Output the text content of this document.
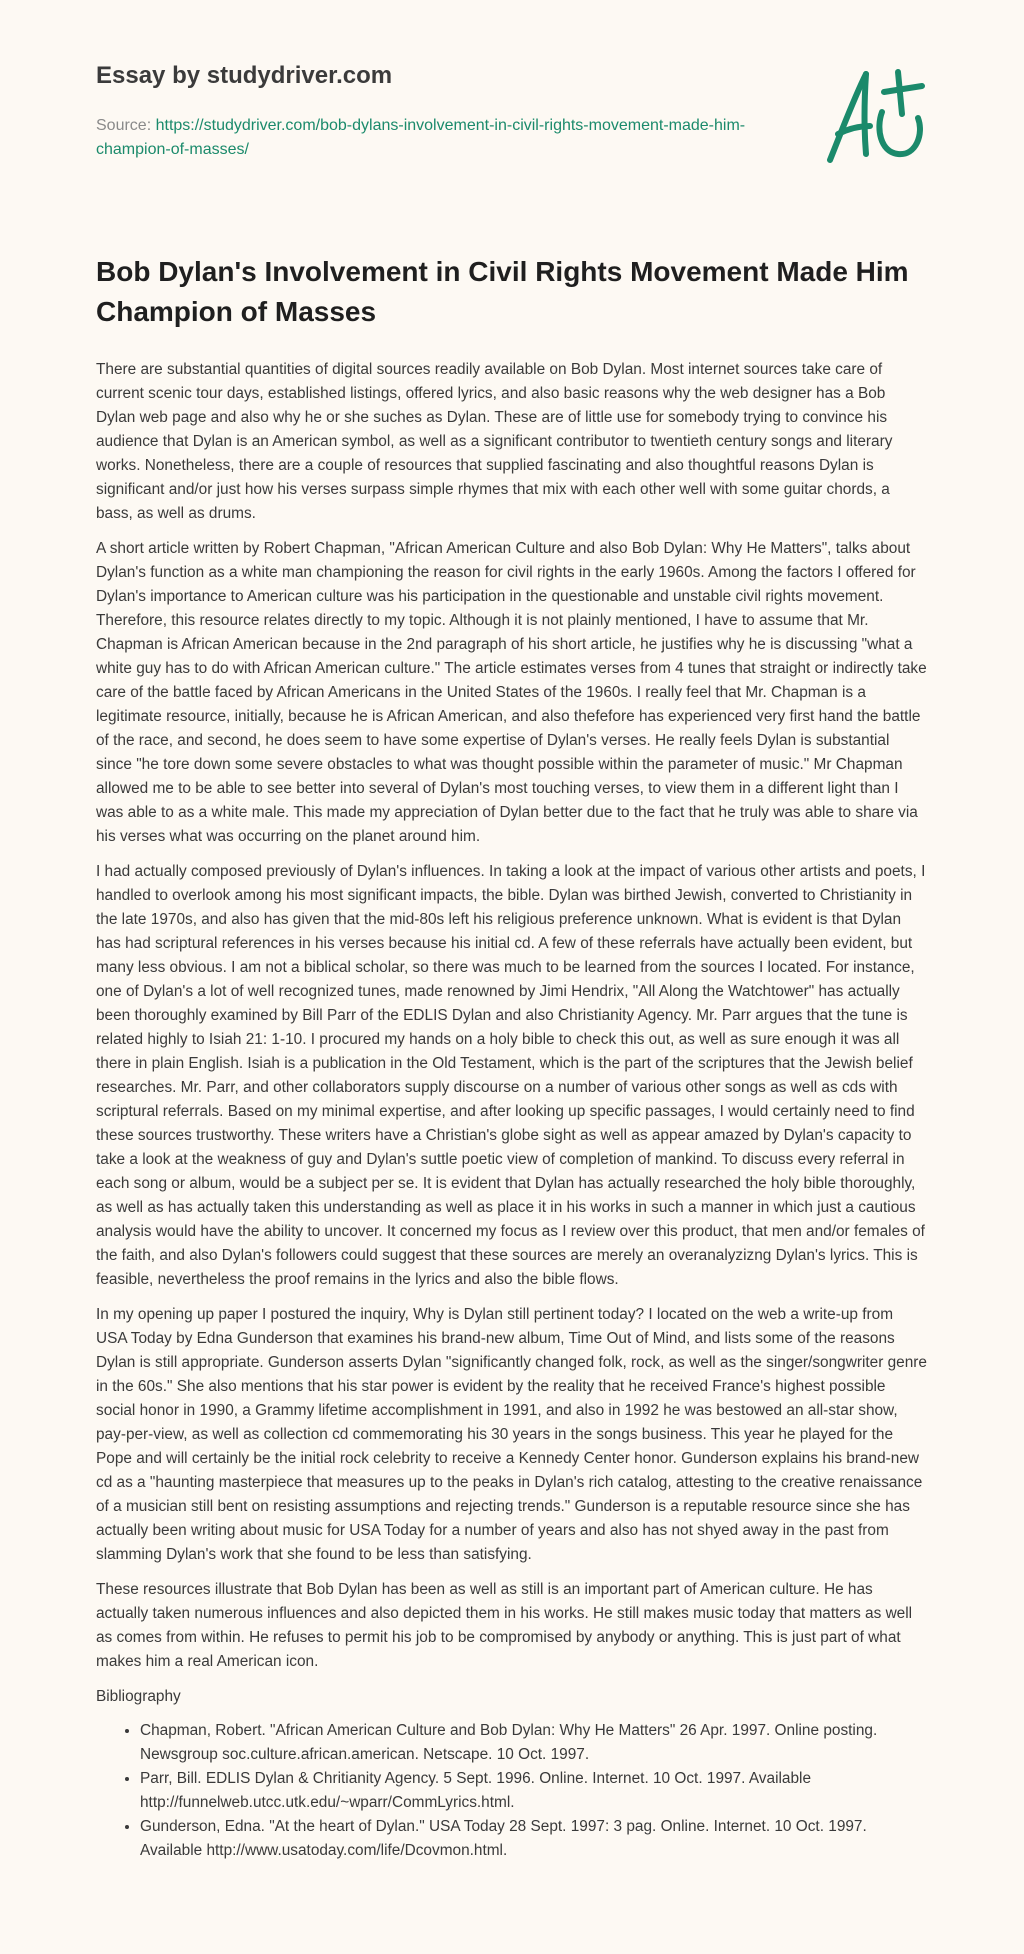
Essay by studydriver.com
Source: https://studydriver.com/bob-dylans-involvement-in-civil-rights-movement-made-him-champion-of-masses/
Bob Dylan's Involvement in Civil Rights Movement Made Him Champion of Masses

There are substantial quantities of digital sources readily available on Bob Dylan. Most internet sources take care of current scenic tour days, established listings, offered lyrics, and also basic reasons why the web designer has a Bob Dylan web page and also why he or she suches as Dylan. These are of little use for somebody trying to convince his audience that Dylan is an American symbol, as well as a significant contributor to twentieth century songs and literary works. Nonetheless, there are a couple of resources that supplied fascinating and also thoughtful reasons Dylan is significant and/or just how his verses surpass simple rhymes that mix with each other well with some guitar chords, a bass, as well as drums.

A short article written by Robert Chapman, "African American Culture and also Bob Dylan: Why He Matters", talks about Dylan's function as a white man championing the reason for civil rights in the early 1960s. Among the factors I offered for Dylan's importance to American culture was his participation in the questionable and unstable civil rights movement. Therefore, this resource relates directly to my topic. Although it is not plainly mentioned, I have to assume that Mr. Chapman is African American because in the 2nd paragraph of his short article, he justifies why he is discussing "what a white guy has to do with African American culture." The article estimates verses from 4 tunes that straight or indirectly take care of the battle faced by African Americans in the United States of the 1960s. I really feel that Mr. Chapman is a legitimate resource, initially, because he is African American, and also thefefore has experienced very first hand the battle of the race, and second, he does seem to have some expertise of Dylan's verses. He really feels Dylan is substantial since "he tore down some severe obstacles to what was thought possible within the parameter of music." Mr Chapman allowed me to be able to see better into several of Dylan's most touching verses, to view them in a different light than I was able to as a white male. This made my appreciation of Dylan better due to the fact that he truly was able to share via his verses what was occurring on the planet around him.

I had actually composed previously of Dylan's influences. In taking a look at the impact of various other artists and poets, I handled to overlook among his most significant impacts, the bible. Dylan was birthed Jewish, converted to Christianity in the late 1970s, and also has given that the mid-80s left his religious preference unknown. What is evident is that Dylan has had scriptural references in his verses because his initial cd. A few of these referrals have actually been evident, but many less obvious. I am not a biblical scholar, so there was much to be learned from the sources I located. For instance, one of Dylan's a lot of well recognized tunes, made renowned by Jimi Hendrix, "All Along the Watchtower" has actually been thoroughly examined by Bill Parr of the EDLIS Dylan and also Christianity Agency. Mr. Parr argues that the tune is related highly to Isiah 21: 1-10. I procured my hands on a holy bible to check this out, as well as sure enough it was all there in plain English. Isiah is a publication in the Old Testament, which is the part of the scriptures that the Jewish belief researches. Mr. Parr, and other collaborators supply discourse on a number of various other songs as well as cds with scriptural referrals. Based on my minimal expertise, and after looking up specific passages, I would certainly need to find these sources trustworthy. These writers have a Christian's globe sight as well as appear amazed by Dylan's capacity to take a look at the weakness of guy and Dylan's suttle poetic view of completion of mankind. To discuss every referral in each song or album, would be a subject per se. It is evident that Dylan has actually researched the holy bible thoroughly, as well as has actually taken this understanding as well as place it in his works in such a manner in which just a cautious analysis would have the ability to uncover. It concerned my focus as I review over this product, that men and/or females of the faith, and also Dylan's followers could suggest that these sources are merely an overanalyzizng Dylan's lyrics. This is feasible, nevertheless the proof remains in the lyrics and also the bible flows.

In my opening up paper I postured the inquiry, Why is Dylan still pertinent today? I located on the web a write-up from USA Today by Edna Gunderson that examines his brand-new album, Time Out of Mind, and lists some of the reasons Dylan is still appropriate. Gunderson asserts Dylan "significantly changed folk, rock, as well as the singer/songwriter genre in the 60s." She also mentions that his star power is evident by the reality that he received France's highest possible social honor in 1990, a Grammy lifetime accomplishment in 1991, and also in 1992 he was bestowed an all-star show, pay-per-view, as well as collection cd commemorating his 30 years in the songs business. This year he played for the Pope and will certainly be the initial rock celebrity to receive a Kennedy Center honor. Gunderson explains his brand-new cd as a "haunting masterpiece that measures up to the peaks in Dylan's rich catalog, attesting to the creative renaissance of a musician still bent on resisting assumptions and rejecting trends." Gunderson is a reputable resource since she has actually been writing about music for USA Today for a number of years and also has not shyed away in the past from slamming Dylan's work that she found to be less than satisfying.

These resources illustrate that Bob Dylan has been as well as still is an important part of American culture. He has actually taken numerous influences and also depicted them in his works. He still makes music today that matters as well as comes from within. He refuses to permit his job to be compromised by anybody or anything. This is just part of what makes him a real American icon.

Bibliography
• Chapman, Robert. "African American Culture and Bob Dylan: Why He Matters" 26 Apr. 1997. Online posting. Newsgroup soc.culture.african.american. Netscape. 10 Oct. 1997.
• Parr, Bill. EDLIS Dylan & Chritianity Agency. 5 Sept. 1996. Online. Internet. 10 Oct. 1997. Available http://funnelweb.utcc.utk.edu/~wparr/CommLyrics.html.
• Gunderson, Edna. "At the heart of Dylan." USA Today 28 Sept. 1997: 3 pag. Online. Internet. 10 Oct. 1997. Available http://www.usatoday.com/life/Dcovmon.html.
